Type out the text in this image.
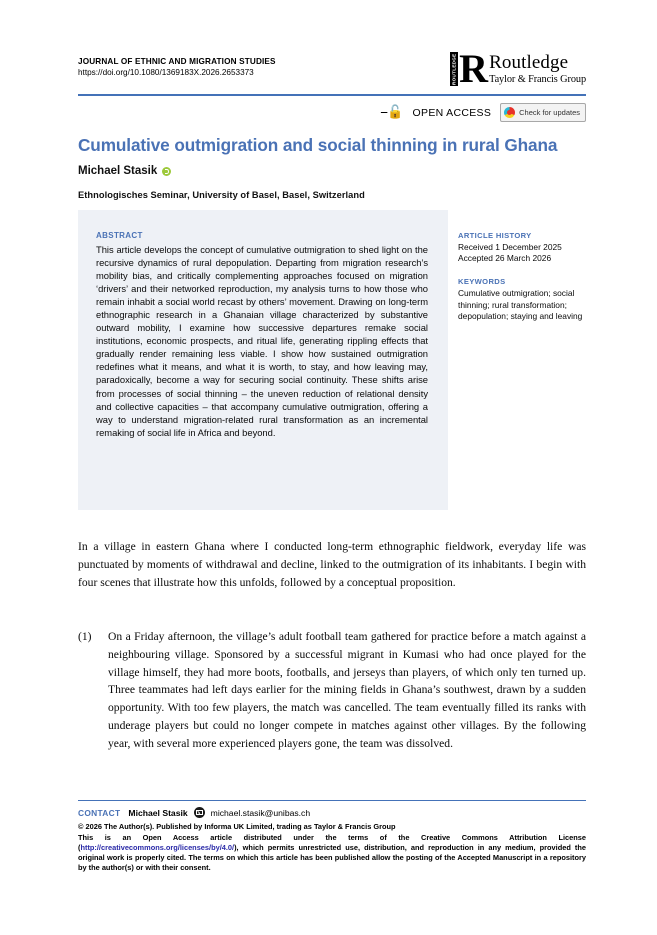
JOURNAL OF ETHNIC AND MIGRATION STUDIES
https://doi.org/10.1080/1369183X.2026.2653373	ROUTLEDGE R Routledge
Taylor & Francis Group
⎯🔓 OPEN ACCESS	Check for updates
Cumulative outmigration and social thinning in rural Ghana
Michael Stasik
Ethnologisches Seminar, University of Basel, Basel, Switzerland
ABSTRACT
This article develops the concept of cumulative outmigration to shed light on the recursive dynamics of rural depopulation. Departing from migration research’s mobility bias, and critically complementing approaches focused on migration ‘drivers’ and their networked reproduction, my analysis turns to how those who remain inhabit a social world recast by others’ movement. Drawing on long-term ethnographic research in a Ghanaian village characterized by substantive outward mobility, I examine how successive departures remake social institutions, economic prospects, and ritual life, generating rippling effects that gradually render remaining less viable. I show how sustained outmigration redefines what it means, and what it is worth, to stay, and how leaving may, paradoxically, become a way for securing social continuity. These shifts arise from processes of social thinning – the uneven reduction of relational density and collective capacities – that accompany cumulative outmigration, offering a way to understand migration-related rural transformation as an incremental remaking of social life in Africa and beyond.
ARTICLE HISTORY
Received 1 December 2025
Accepted 26 March 2026
KEYWORDS
Cumulative outmigration; social thinning; rural transformation; depopulation; staying and leaving
In a village in eastern Ghana where I conducted long-term ethnographic fieldwork, everyday life was punctuated by moments of withdrawal and decline, linked to the outmigration of its inhabitants. I begin with four scenes that illustrate how this unfolds, followed by a conceptual proposition.
(1)	On a Friday afternoon, the village’s adult football team gathered for practice before a match against a neighbouring village. Sponsored by a successful migrant in Kumasi who had once played for the village himself, they had more boots, footballs, and jerseys than players, of which only ten turned up. Three teammates had left days earlier for the mining fields in Ghana’s southwest, drawn by a sudden opportunity. With too few players, the match was cancelled. The team eventually filled its ranks with underage players but could no longer compete in matches against other villages. By the following year, with several more experienced players gone, the team was dissolved.
CONTACT Michael Stasik	michael.stasik@unibas.ch
© 2026 The Author(s). Published by Informa UK Limited, trading as Taylor & Francis Group
This is an Open Access article distributed under the terms of the Creative Commons Attribution License (http://creativecommons.org/licenses/by/4.0/), which permits unrestricted use, distribution, and reproduction in any medium, provided the original work is properly cited. The terms on which this article has been published allow the posting of the Accepted Manuscript in a repository by the author(s) or with their consent.
